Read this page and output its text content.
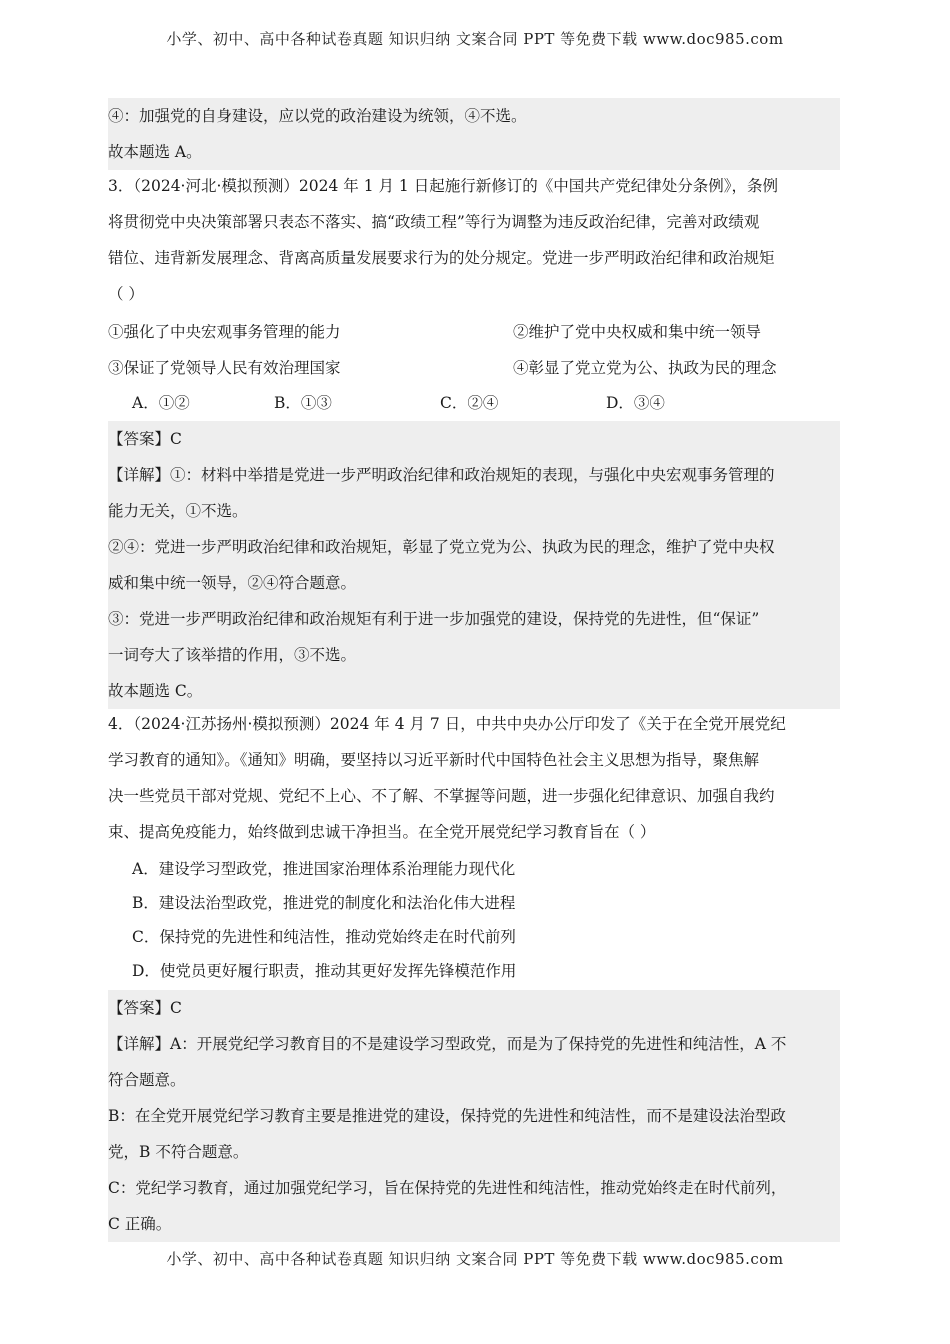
小学、初中、高中各种试卷真题 知识归纳 文案合同 PPT 等免费下载 www.doc985.com
④：加强党的自身建设，应以党的政治建设为统领，④不选。
故本题选 A。
3．（2024·河北·模拟预测）2024 年 1 月 1 日起施行新修订的《中国共产党纪律处分条例》，条例
将贯彻党中央决策部署只表态不落实、搞“政绩工程”等行为调整为违反政治纪律，完善对政绩观
错位、违背新发展理念、背离高质量发展要求行为的处分规定。党进一步严明政治纪律和政治规矩
（ ）
①强化了中央宏观事务管理的能力	②维护了党中央权威和集中统一领导
③保证了党领导人民有效治理国家	④彰显了党立党为公、执政为民的理念
A．①②	B．①③	C．②④	D．③④
【答案】C
【详解】①：材料中举措是党进一步严明政治纪律和政治规矩的表现，与强化中央宏观事务管理的
能力无关，①不选。
②④：党进一步严明政治纪律和政治规矩，彰显了党立党为公、执政为民的理念，维护了党中央权
威和集中统一领导，②④符合题意。
③：党进一步严明政治纪律和政治规矩有利于进一步加强党的建设，保持党的先进性，但“保证”
一词夸大了该举措的作用，③不选。
故本题选 C。
4．（2024·江苏扬州·模拟预测）2024 年 4 月 7 日，中共中央办公厅印发了《关于在全党开展党纪
学习教育的通知》。《通知》明确，要坚持以习近平新时代中国特色社会主义思想为指导，聚焦解
决一些党员干部对党规、党纪不上心、不了解、不掌握等问题，进一步强化纪律意识、加强自我约
束、提高免疫能力，始终做到忠诚干净担当。在全党开展党纪学习教育旨在（ ）
A．建设学习型政党，推进国家治理体系治理能力现代化
B．建设法治型政党，推进党的制度化和法治化伟大进程
C．保持党的先进性和纯洁性，推动党始终走在时代前列
D．使党员更好履行职责，推动其更好发挥先锋模范作用
【答案】C
【详解】A：开展党纪学习教育目的不是建设学习型政党，而是为了保持党的先进性和纯洁性，A 不
符合题意。
B：在全党开展党纪学习教育主要是推进党的建设，保持党的先进性和纯洁性，而不是建设法治型政
党，B 不符合题意。
C：党纪学习教育，通过加强党纪学习，旨在保持党的先进性和纯洁性，推动党始终走在时代前列，
C 正确。
小学、初中、高中各种试卷真题 知识归纳 文案合同 PPT 等免费下载 www.doc985.com
